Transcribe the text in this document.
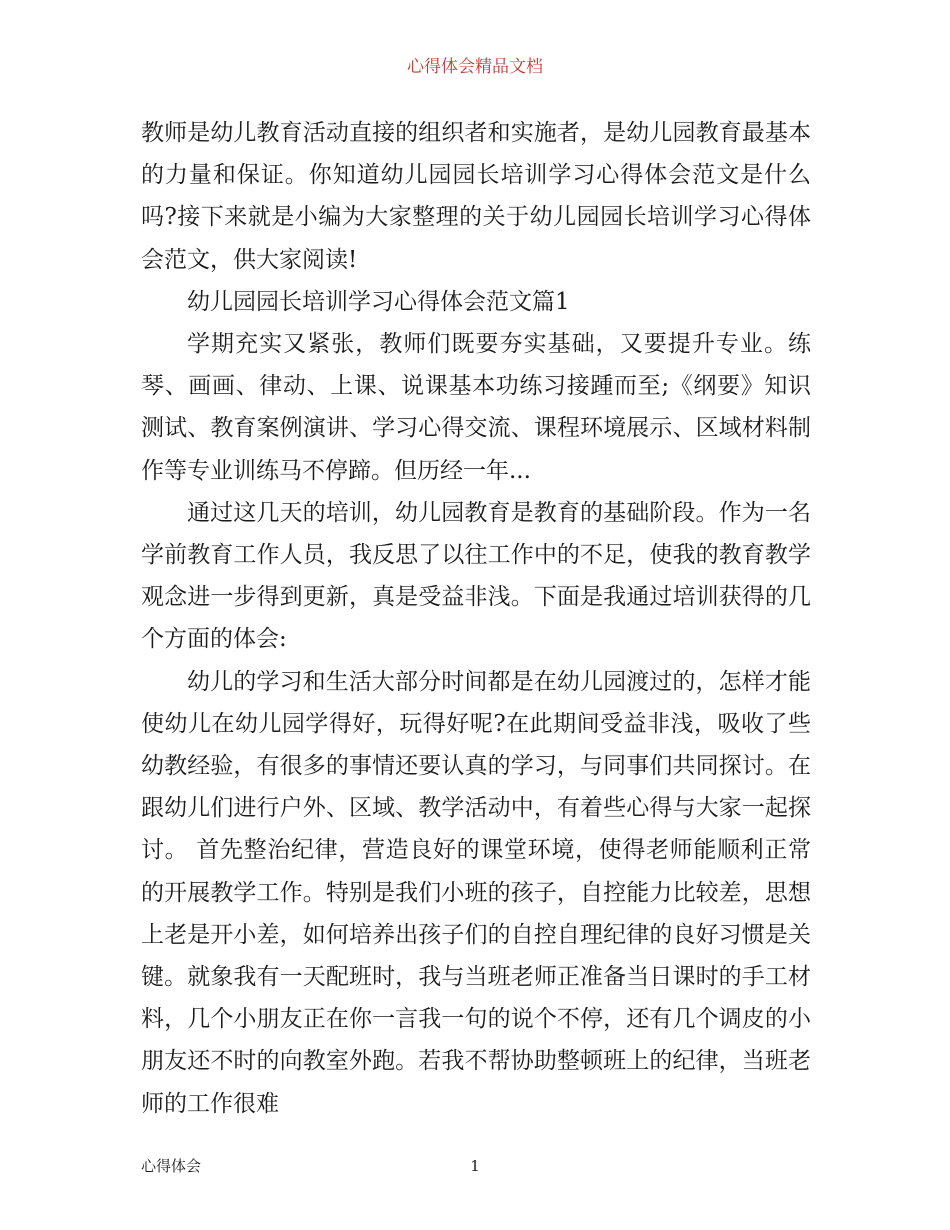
心得体会精品文档

教师是幼儿教育活动直接的组织者和实施者，是幼儿园教育最基本的力量和保证。你知道幼儿园园长培训学习心得体会范文是什么吗?接下来就是小编为大家整理的关于幼儿园园长培训学习心得体会范文，供大家阅读!

幼儿园园长培训学习心得体会范文篇1

学期充实又紧张，教师们既要夯实基础，又要提升专业。练琴、画画、律动、上课、说课基本功练习接踵而至;《纲要》知识测试、教育案例演讲、学习心得交流、课程环境展示、区域材料制作等专业训练马不停蹄。但历经一年...

通过这几天的培训，幼儿园教育是教育的基础阶段。作为一名学前教育工作人员，我反思了以往工作中的不足，使我的教育教学观念进一步得到更新，真是受益非浅。下面是我通过培训获得的几个方面的体会:

幼儿的学习和生活大部分时间都是在幼儿园渡过的，怎样才能使幼儿在幼儿园学得好，玩得好呢?在此期间受益非浅，吸收了些幼教经验，有很多的事情还要认真的学习，与同事们共同探讨。在跟幼儿们进行户外、区域、教学活动中，有着些心得与大家一起探讨。 首先整治纪律，营造良好的课堂环境，使得老师能顺利正常的开展教学工作。特别是我们小班的孩子，自控能力比较差，思想上老是开小差，如何培养出孩子们的自控自理纪律的良好习惯是关键。就象我有一天配班时，我与当班老师正准备当日课时的手工材料，几个小朋友正在你一言我一句的说个不停，还有几个调皮的小朋友还不时的向教室外跑。若我不帮协助整顿班上的纪律，当班老师的工作很难

心得体会	1
